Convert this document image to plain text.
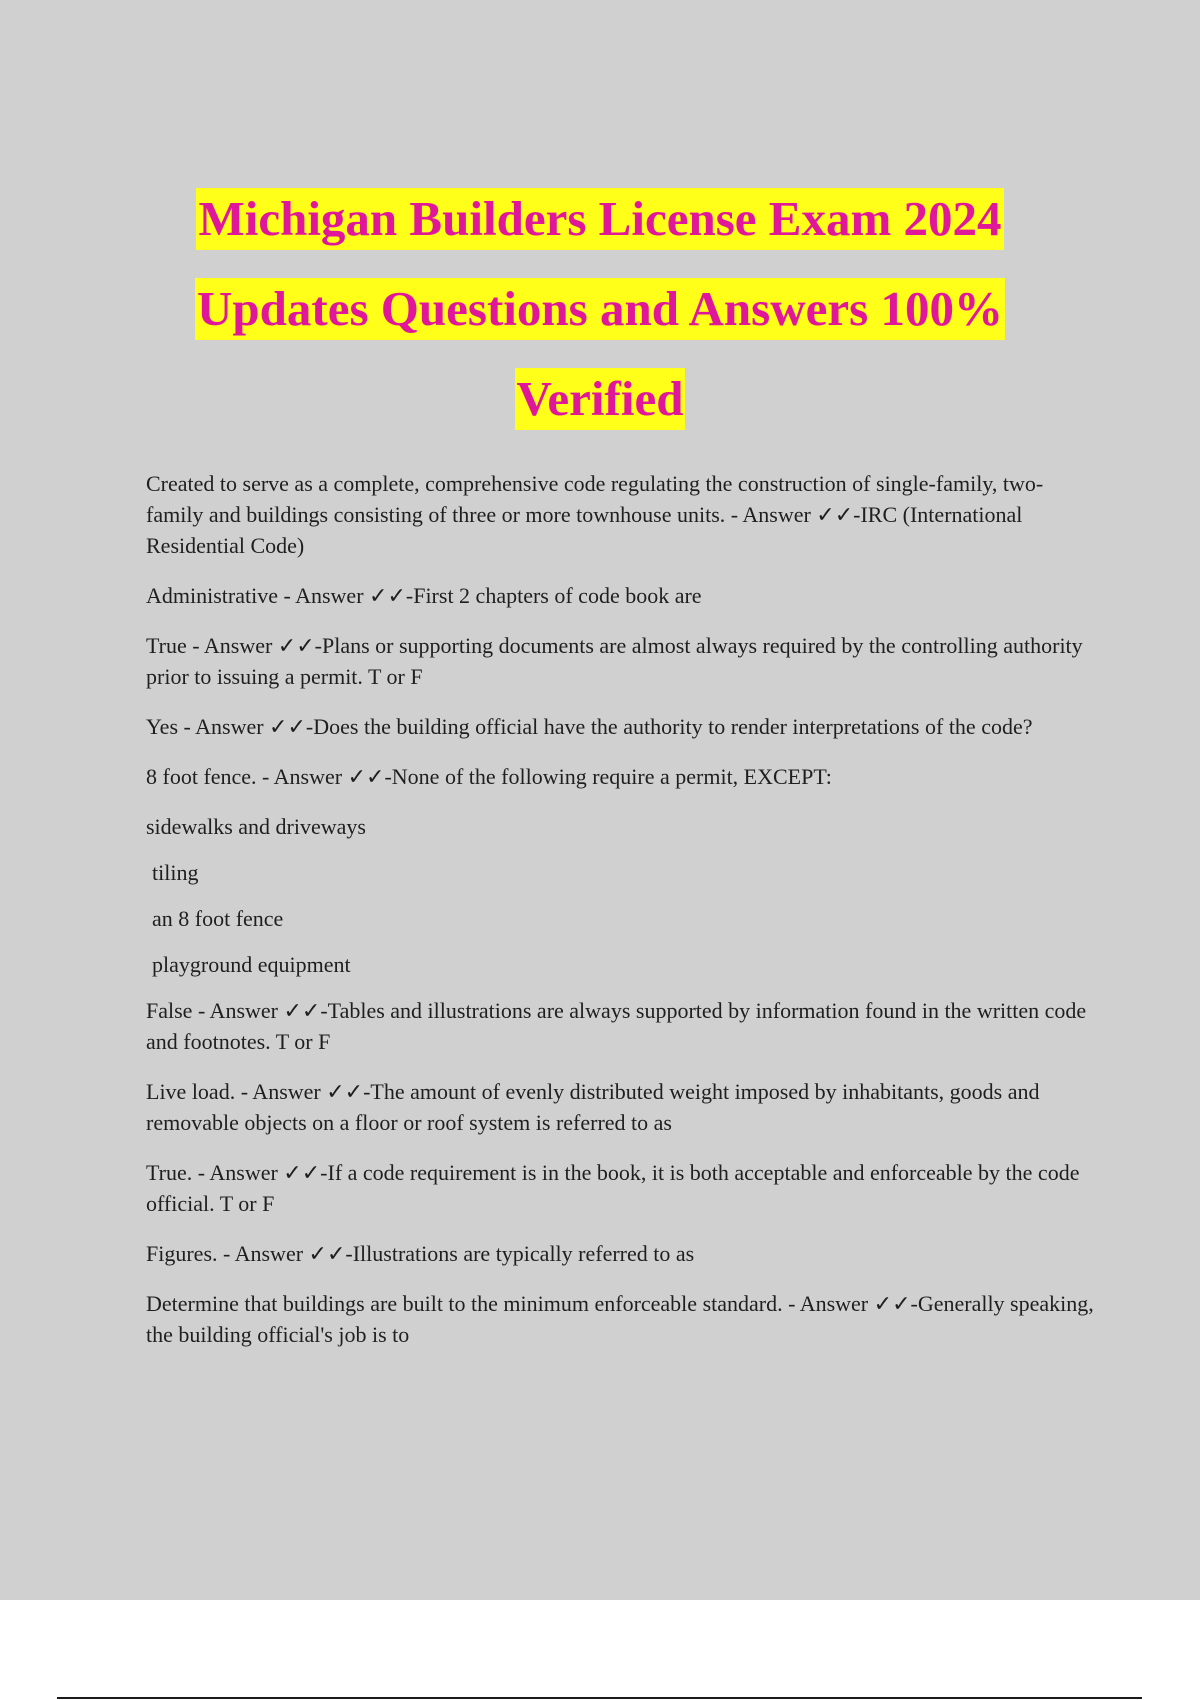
Michigan Builders License Exam 2024
Updates Questions and Answers 100%
Verified

Created to serve as a complete, comprehensive code regulating the construction of single-family, two-family and buildings consisting of three or more townhouse units. - Answer ✓✓-IRC (International Residential Code)

Administrative - Answer ✓✓-First 2 chapters of code book are

True - Answer ✓✓-Plans or supporting documents are almost always required by the controlling authority prior to issuing a permit. T or F

Yes - Answer ✓✓-Does the building official have the authority to render interpretations of the code?

8 foot fence. - Answer ✓✓-None of the following require a permit, EXCEPT:

sidewalks and driveways

tiling

an 8 foot fence

playground equipment

False - Answer ✓✓-Tables and illustrations are always supported by information found in the written code and footnotes. T or F

Live load. - Answer ✓✓-The amount of evenly distributed weight imposed by inhabitants, goods and removable objects on a floor or roof system is referred to as

True. - Answer ✓✓-If a code requirement is in the book, it is both acceptable and enforceable by the code official. T or F

Figures. - Answer ✓✓-Illustrations are typically referred to as

Determine that buildings are built to the minimum enforceable standard. - Answer ✓✓-Generally speaking, the building official's job is to
